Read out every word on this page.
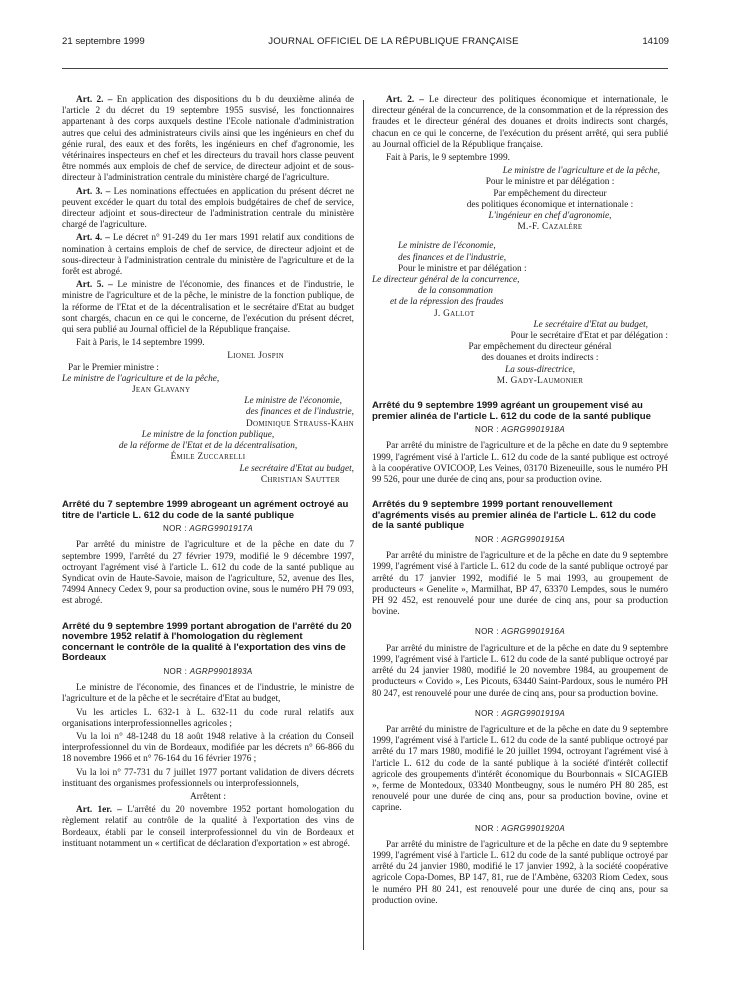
21 septembre 1999	JOURNAL OFFICIEL DE LA RÉPUBLIQUE FRANÇAISE	14109

Art. 2. – En application des dispositions du b du deuxième alinéa de l'article 2 du décret du 19 septembre 1955 susvisé, les fonctionnaires appartenant à des corps auxquels destine l'Ecole nationale d'administration autres que celui des administrateurs civils ainsi que les ingénieurs en chef du génie rural, des eaux et des forêts, les ingénieurs en chef d'agronomie, les vétérinaires inspecteurs en chef et les directeurs du travail hors classe peuvent être nommés aux emplois de chef de service, de directeur adjoint et de sous-directeur à l'administration centrale du ministère chargé de l'agriculture.

Art. 3. – Les nominations effectuées en application du présent décret ne peuvent excéder le quart du total des emplois budgétaires de chef de service, directeur adjoint et sous-directeur de l'administration centrale du ministère chargé de l'agriculture.

Art. 4. – Le décret n° 91-249 du 1er mars 1991 relatif aux conditions de nomination à certains emplois de chef de service, de directeur adjoint et de sous-directeur à l'administration centrale du ministère de l'agriculture et de la forêt est abrogé.

Art. 5. – Le ministre de l'économie, des finances et de l'industrie, le ministre de l'agriculture et de la pêche, le ministre de la fonction publique, de la réforme de l'Etat et de la décentralisation et le secrétaire d'Etat au budget sont chargés, chacun en ce qui le concerne, de l'exécution du présent décret, qui sera publié au Journal officiel de la République française.

Fait à Paris, le 14 septembre 1999.

Lionel Jospin
Par le Premier ministre :
Le ministre de l'agriculture et de la pêche,
Jean Glavany
Le ministre de l'économie,
des finances et de l'industrie,
Dominique Strauss-Kahn
Le ministre de la fonction publique,
de la réforme de l'Etat et de la décentralisation,
Émile Zuccarelli
Le secrétaire d'Etat au budget,
Christian Sautter

Arrêté du 7 septembre 1999 abrogeant un agrément octroyé au titre de l'article L. 612 du code de la santé publique

NOR : AGRG9901917A

Par arrêté du ministre de l'agriculture et de la pêche en date du 7 septembre 1999, l'arrêté du 27 février 1979, modifié le 9 décembre 1997, octroyant l'agrément visé à l'article L. 612 du code de la santé publique au Syndicat ovin de Haute-Savoie, maison de l'agriculture, 52, avenue des Iles, 74994 Annecy Cedex 9, pour sa production ovine, sous le numéro PH 79 093, est abrogé.

Arrêté du 9 septembre 1999 portant abrogation de l'arrêté du 20 novembre 1952 relatif à l'homologation du règlement concernant le contrôle de la qualité à l'exportation des vins de Bordeaux

NOR : AGRP9901893A

Le ministre de l'économie, des finances et de l'industrie, le ministre de l'agriculture et de la pêche et le secrétaire d'Etat au budget,

Vu les articles L. 632-1 à L. 632-11 du code rural relatifs aux organisations interprofessionnelles agricoles ;

Vu la loi n° 48-1248 du 18 août 1948 relative à la création du Conseil interprofessionnel du vin de Bordeaux, modifiée par les décrets n° 66-866 du 18 novembre 1966 et n° 76-164 du 16 février 1976 ;

Vu la loi n° 77-731 du 7 juillet 1977 portant validation de divers décrets instituant des organismes professionnels ou interprofessionnels,

Arrêtent :

Art. 1er. – L'arrêté du 20 novembre 1952 portant homologation du règlement relatif au contrôle de la qualité à l'exportation des vins de Bordeaux, établi par le conseil interprofessionnel du vin de Bordeaux et instituant notamment un « certificat de déclaration d'exportation » est abrogé.

Art. 2. – Le directeur des politiques économique et internationale, le directeur général de la concurrence, de la consommation et de la répression des fraudes et le directeur général des douanes et droits indirects sont chargés, chacun en ce qui le concerne, de l'exécution du présent arrêté, qui sera publié au Journal officiel de la République française.

Fait à Paris, le 9 septembre 1999.

Le ministre de l'agriculture et de la pêche,
Pour le ministre et par délégation :
Par empêchement du directeur
des politiques économique et internationale :
L'ingénieur en chef d'agronomie,
M.-F. Cazalère
Le ministre de l'économie,
des finances et de l'industrie,
Pour le ministre et par délégation :
Le directeur général de la concurrence,
de la consommation
et de la répression des fraudes
J. Gallot
Le secrétaire d'Etat au budget,
Pour le secrétaire d'Etat et par délégation :
Par empêchement du directeur général
des douanes et droits indirects :
La sous-directrice,
M. Gady-Laumonier

Arrêté du 9 septembre 1999 agréant un groupement visé au premier alinéa de l'article L. 612 du code de la santé publique

NOR : AGRG9901918A

Par arrêté du ministre de l'agriculture et de la pêche en date du 9 septembre 1999, l'agrément visé à l'article L. 612 du code de la santé publique est octroyé à la coopérative OVICOOP, Les Veines, 03170 Bizeneuille, sous le numéro PH 99 526, pour une durée de cinq ans, pour sa production ovine.

Arrêtés du 9 septembre 1999 portant renouvellement d'agréments visés au premier alinéa de l'article L. 612 du code de la santé publique

NOR : AGRG9901915A

Par arrêté du ministre de l'agriculture et de la pêche en date du 9 septembre 1999, l'agrément visé à l'article L. 612 du code de la santé publique octroyé par arrêté du 17 janvier 1992, modifié le 5 mai 1993, au groupement de producteurs « Genelite », Marmilhat, BP 47, 63370 Lempdes, sous le numéro PH 92 452, est renouvelé pour une durée de cinq ans, pour sa production bovine.

NOR : AGRG9901916A

Par arrêté du ministre de l'agriculture et de la pêche en date du 9 septembre 1999, l'agrément visé à l'article L. 612 du code de la santé publique octroyé par arrêté du 24 janvier 1980, modifié le 20 novembre 1984, au groupement de producteurs « Covido », Les Picouts, 63440 Saint-Pardoux, sous le numéro PH 80 247, est renouvelé pour une durée de cinq ans, pour sa production bovine.

NOR : AGRG9901919A

Par arrêté du ministre de l'agriculture et de la pêche en date du 9 septembre 1999, l'agrément visé à l'article L. 612 du code de la santé publique octroyé par arrêté du 17 mars 1980, modifié le 20 juillet 1994, octroyant l'agrément visé à l'article L. 612 du code de la santé publique à la société d'intérêt collectif agricole des groupements d'intérêt économique du Bourbonnais « SICAGIEB », ferme de Montedoux, 03340 Montbeugny, sous le numéro PH 80 285, est renouvelé pour une durée de cinq ans, pour sa production bovine, ovine et caprine.

NOR : AGRG9901920A

Par arrêté du ministre de l'agriculture et de la pêche en date du 9 septembre 1999, l'agrément visé à l'article L. 612 du code de la santé publique octroyé par arrêté du 24 janvier 1980, modifié le 17 janvier 1992, à la société coopérative agricole Copa-Domes, BP 147, 81, rue de l'Ambène, 63203 Riom Cedex, sous le numéro PH 80 241, est renouvelé pour une durée de cinq ans, pour sa production ovine.
